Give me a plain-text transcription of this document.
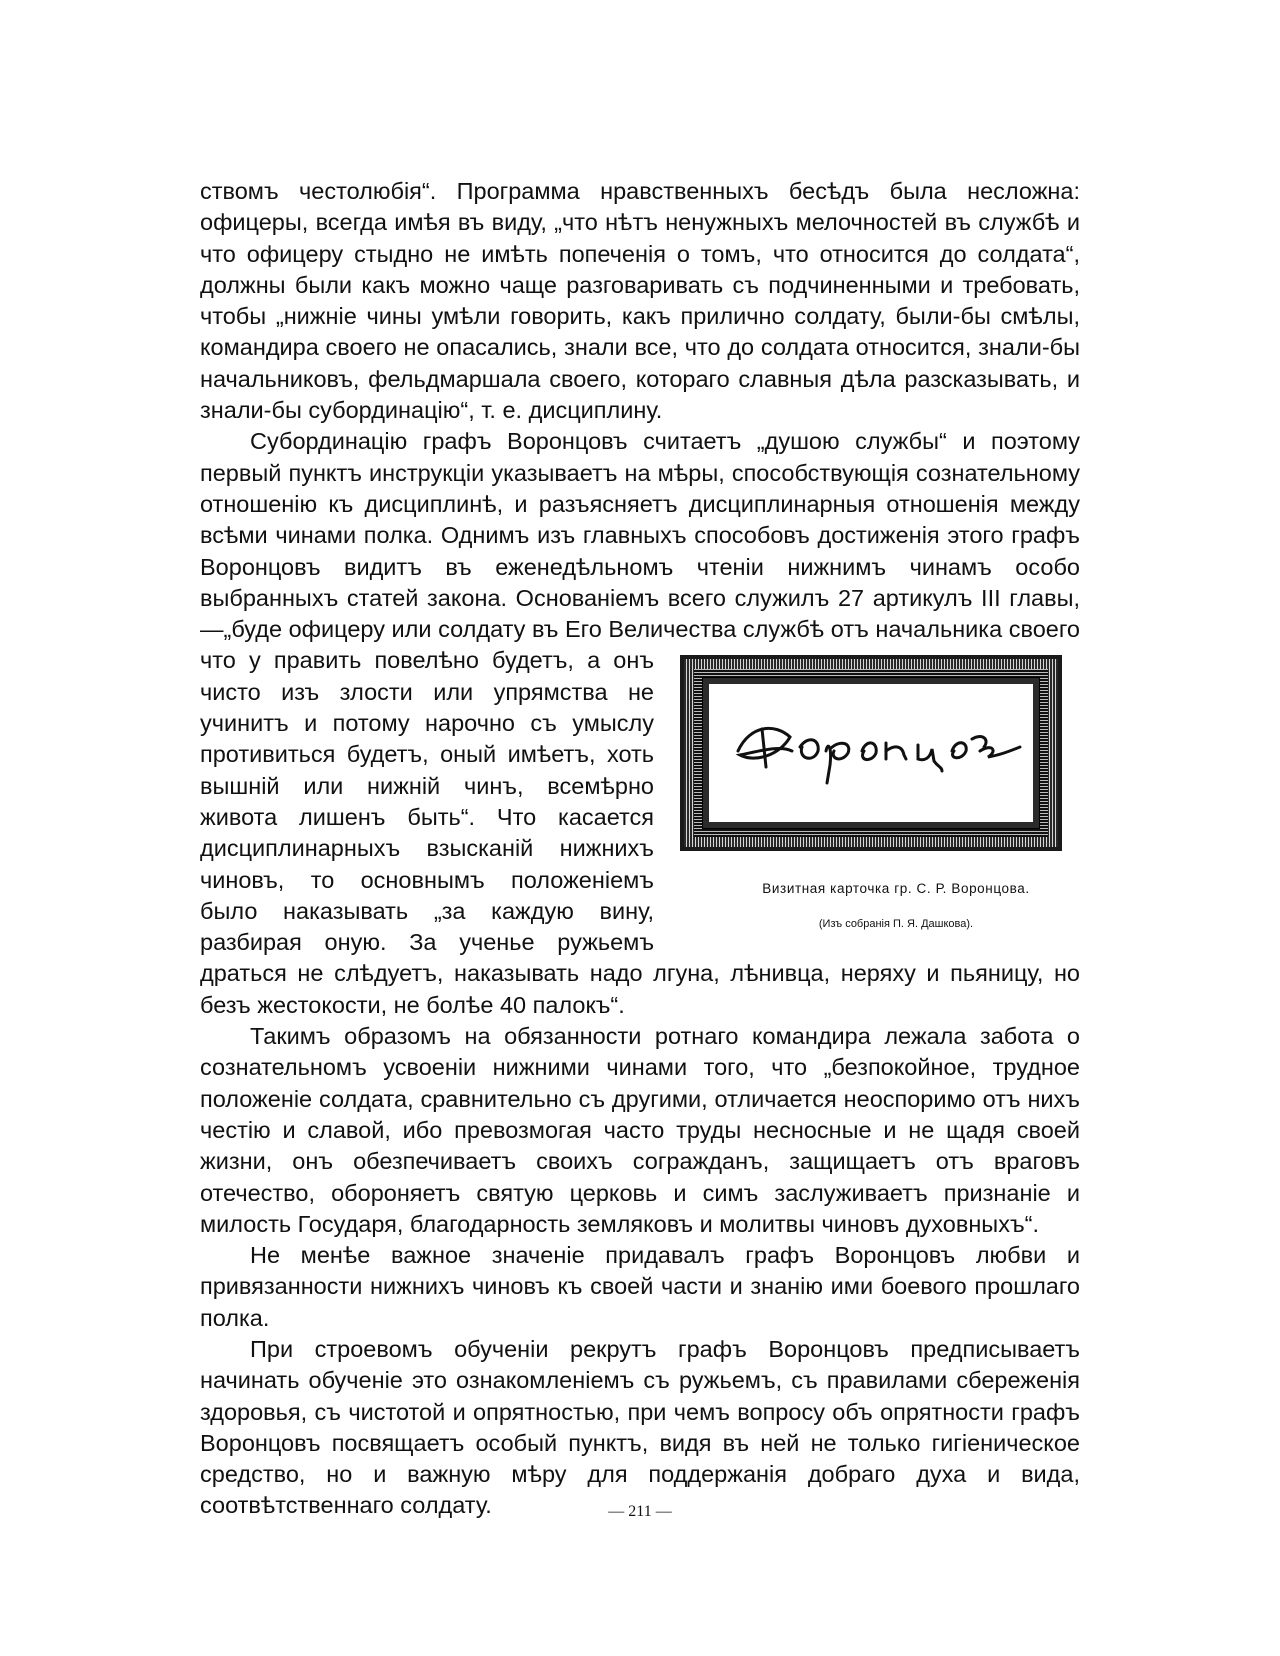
ствомъ честолюбія“. Программа нравственныхъ бесѣдъ была несложна: офицеры, всегда имѣя въ виду, „что нѣтъ ненужныхъ мелочностей въ службѣ и что офицеру стыдно не имѣть попеченія о томъ, что относится до солдата“, должны были какъ можно чаще разговаривать съ подчиненными и требовать, чтобы „нижніе чины умѣли говорить, какъ прилично солдату, были-бы смѣлы, командира своего не опасались, знали все, что до солдата относится, знали-бы начальниковъ, фельдмаршала своего, котораго славныя дѣла разсказывать, и знали-бы субординацію“, т. е. дисциплину.

Субординацію графъ Воронцовъ считаетъ „душою службы“ и поэтому первый пунктъ инструкціи указываетъ на мѣры, способствующія сознательному отношенію къ дисциплинѣ, и разъясняетъ дисциплинарныя отношенія между всѣми чинами полка. Однимъ изъ главныхъ способовъ достиженія этого графъ Воронцовъ видитъ въ еженедѣльномъ чтеніи нижнимъ чинамъ особо выбранныхъ статей закона. Основаніемъ всего служилъ 27 артикулъ III главы,—„буде офицеру или солдату въ Его Величества службѣ отъ начальника своего что у
Визитная карточка гр. С. Р. Воронцова.
(Изъ собранія П. Я. Дашкова).
править повелѣно будетъ, а онъ чисто изъ злости или упрямства не учинитъ и потому нарочно съ умыслу противиться будетъ, оный имѣетъ, хоть вышній или нижній чинъ, всемѣрно живота лишенъ быть“. Что касается дисциплинарныхъ взысканій нижнихъ чиновъ, то основнымъ положеніемъ было наказывать „за каждую вину, разбирая оную. За ученье ружьемъ драться не слѣдуетъ, наказывать надо лгуна, лѣнивца, неряху и пьяницу, но безъ жестокости, не болѣе 40 палокъ“.

Такимъ образомъ на обязанности ротнаго командира лежала забота о сознательномъ усвоеніи нижними чинами того, что „безпокойное, трудное положеніе солдата, сравнительно съ другими, отличается неоспоримо отъ нихъ честію и славой, ибо превозмогая часто труды несносные и не щадя своей жизни, онъ обезпечиваетъ своихъ согражданъ, защищаетъ отъ враговъ отечество, обороняетъ святую церковь и симъ заслуживаетъ признаніе и милость Государя, благодарность земляковъ и молитвы чиновъ духовныхъ“.

Не менѣе важное значеніе придавалъ графъ Воронцовъ любви и привязанности нижнихъ чиновъ къ своей части и знанію ими боевого прошлаго полка.

При строевомъ обученіи рекрутъ графъ Воронцовъ предписываетъ начинать обученіе это ознакомленіемъ съ ружьемъ, съ правилами сбереженія здоровья, съ чистотой и опрятностью, при чемъ вопросу объ опрятности графъ Воронцовъ посвящаетъ особый пунктъ, видя въ ней не только гигіеническое средство, но и важную мѣру для поддержанія добраго духа и вида, соотвѣтственнаго солдату.	— 211 —
